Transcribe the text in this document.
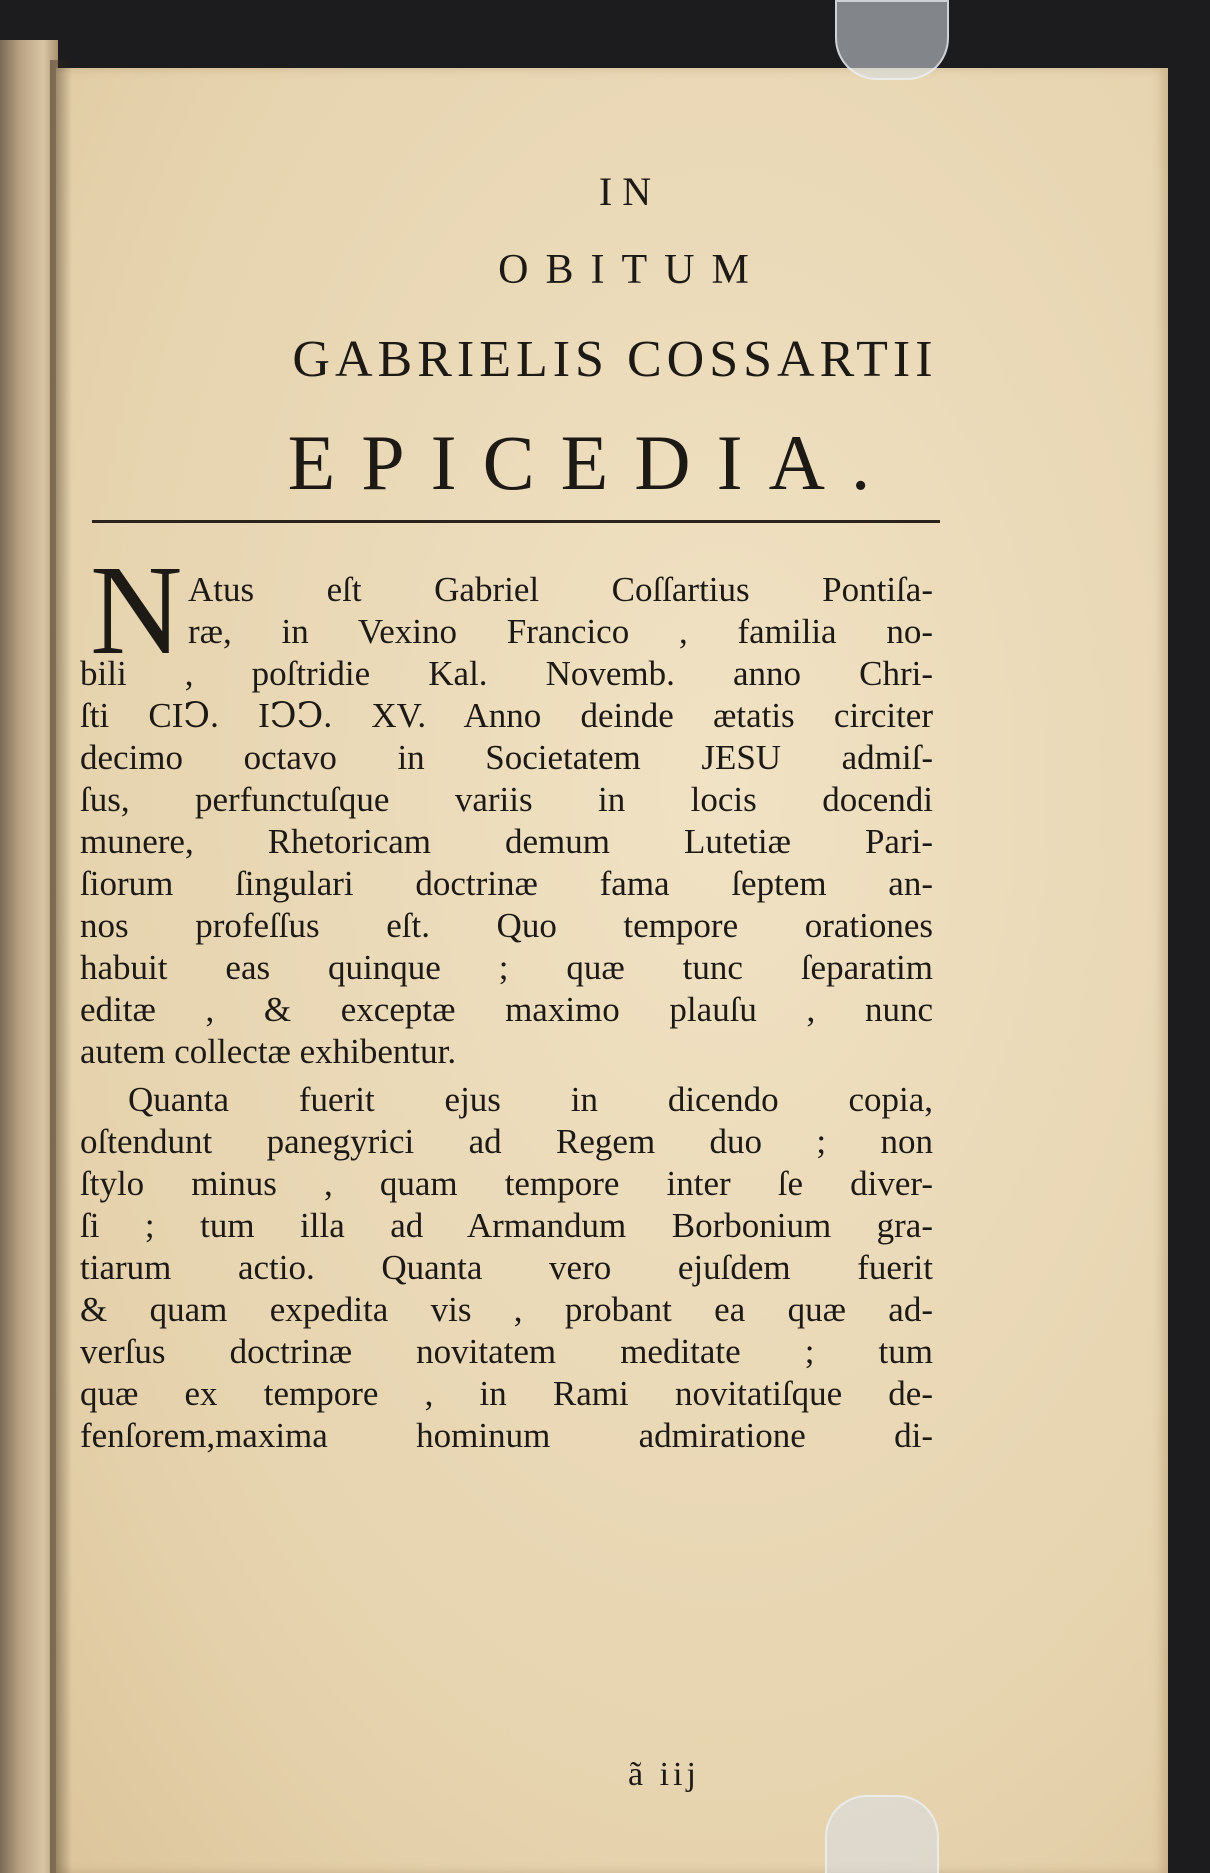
IN
OBITUM
GABRIELIS COSSARTII
EPICEDIA.
N Atus eſt Gabriel Coſſartius Pontiſa-
ræ, in Vexino Francico , familia no-
bili , poſtridie Kal. Novemb. anno Chri-
ſti CIↃ. IↃↃ. XV. Anno deinde ætatis circiter
decimo octavo in Societatem JESU admiſ-
ſus, perfunctuſque variis in locis docendi
munere, Rhetoricam demum Lutetiæ Pari-
ſiorum ſingulari doctrinæ fama ſeptem an-
nos profeſſus eſt. Quo tempore orationes
habuit eas quinque ; quæ tunc ſeparatim
editæ , & exceptæ maximo plauſu , nunc
autem collectæ exhibentur.
Quanta fuerit ejus in dicendo copia,
oſtendunt panegyrici ad Regem duo ; non
ſtylo minus , quam tempore inter ſe diver-
ſi ; tum illa ad Armandum Borbonium gra-
tiarum actio. Quanta vero ejuſdem fuerit
& quam expedita vis , probant ea quæ ad-
verſus doctrinæ novitatem meditate ; tum
quæ ex tempore , in Rami novitatiſque de-
fenſorem,maxima hominum admiratione di-
ã iij
